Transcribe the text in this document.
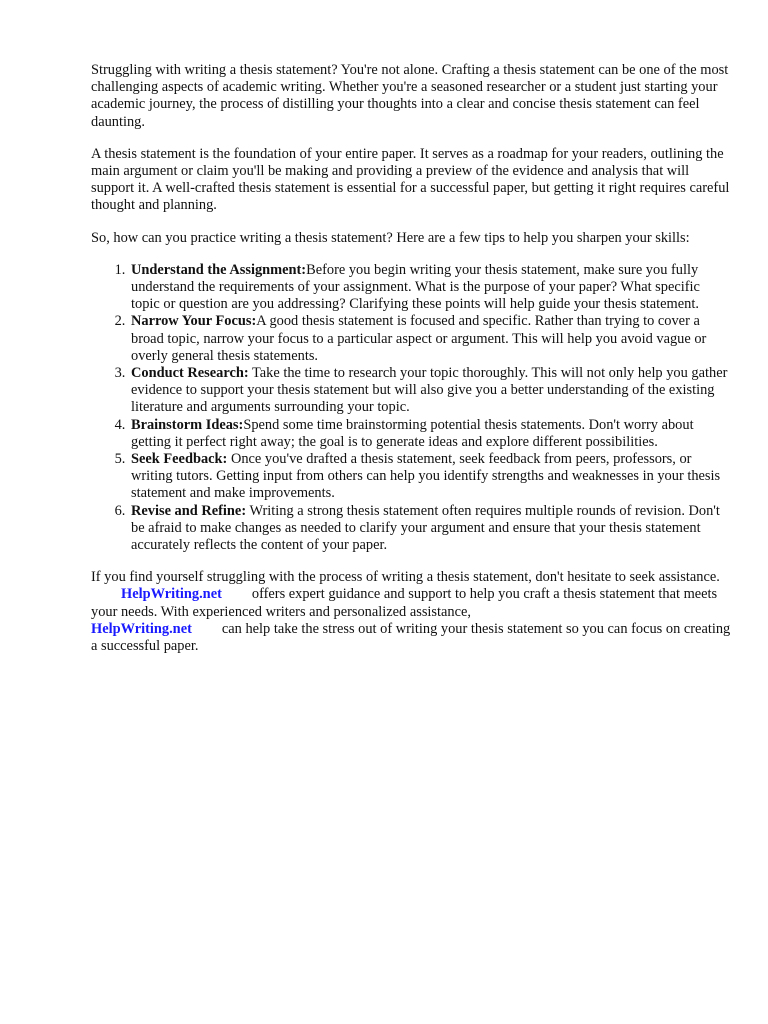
Struggling with writing a thesis statement? You're not alone. Crafting a thesis statement can be one of the most challenging aspects of academic writing. Whether you're a seasoned researcher or a student just starting your academic journey, the process of distilling your thoughts into a clear and concise thesis statement can feel daunting.

A thesis statement is the foundation of your entire paper. It serves as a roadmap for your readers, outlining the main argument or claim you'll be making and providing a preview of the evidence and analysis that will support it. A well-crafted thesis statement is essential for a successful paper, but getting it right requires careful thought and planning.

So, how can you practice writing a thesis statement? Here are a few tips to help you sharpen your skills:

1. Understand the Assignment:Before you begin writing your thesis statement, make sure you fully understand the requirements of your assignment. What is the purpose of your paper? What specific topic or question are you addressing? Clarifying these points will help guide your thesis statement.
2. Narrow Your Focus:A good thesis statement is focused and specific. Rather than trying to cover a broad topic, narrow your focus to a particular aspect or argument. This will help you avoid vague or overly general thesis statements.
3. Conduct Research: Take the time to research your topic thoroughly. This will not only help you gather evidence to support your thesis statement but will also give you a better understanding of the existing literature and arguments surrounding your topic.
4. Brainstorm Ideas:Spend some time brainstorming potential thesis statements. Don't worry about getting it perfect right away; the goal is to generate ideas and explore different possibilities.
5. Seek Feedback: Once you've drafted a thesis statement, seek feedback from peers, professors, or writing tutors. Getting input from others can help you identify strengths and weaknesses in your thesis statement and make improvements.
6. Revise and Refine: Writing a strong thesis statement often requires multiple rounds of revision. Don't be afraid to make changes as needed to clarify your argument and ensure that your thesis statement accurately reflects the content of your paper.

If you find yourself struggling with the process of writing a thesis statement, don't hesitate to seek assistance.HelpWriting.net offers expert guidance and support to help you craft a thesis statement that meets your needs. With experienced writers and personalized assistance,
HelpWriting.net can help take the stress out of writing your thesis statement so you can focus on creating a successful paper.
